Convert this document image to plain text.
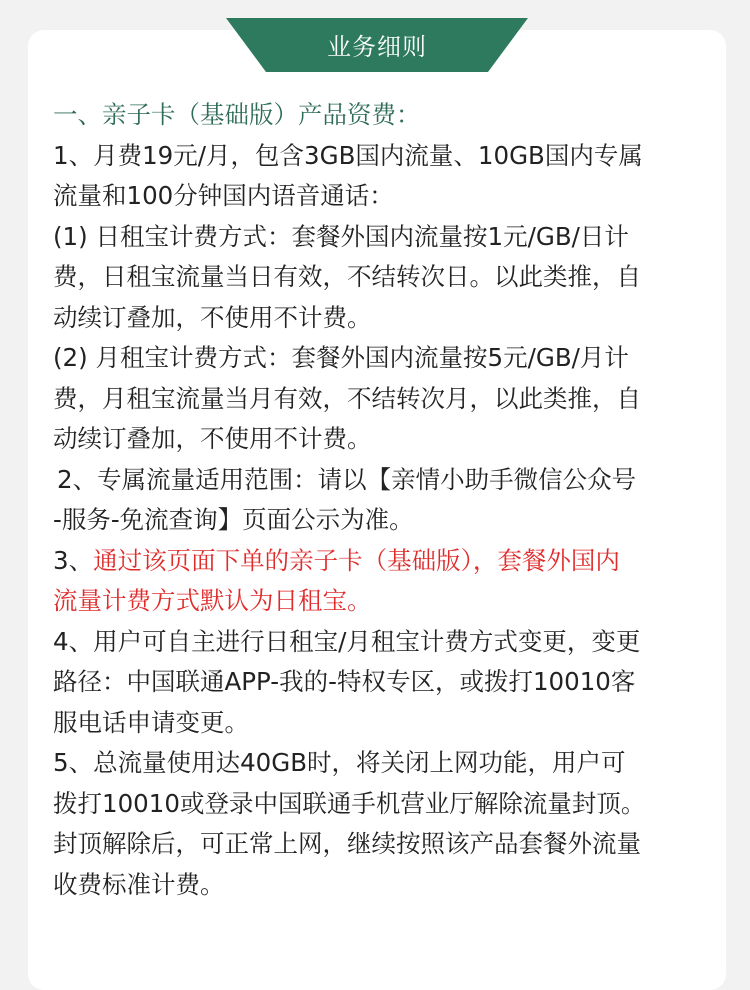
业务细则

一、亲子卡（基础版）产品资费：

1、月费19元/月，包含3GB国内流量、10GB国内专属

流量和100分钟国内语音通话：

(1) 日租宝计费方式：套餐外国内流量按1元/GB/日计

费，日租宝流量当日有效，不结转次日。以此类推，自

动续订叠加，不使用不计费。

(2) 月租宝计费方式：套餐外国内流量按5元/GB/月计

费，月租宝流量当月有效，不结转次月，以此类推，自

动续订叠加，不使用不计费。

2、专属流量适用范围：请以【亲情小助手微信公众号

-服务-免流查询】页面公示为准。

3、通过该页面下单的亲子卡（基础版），套餐外国内

流量计费方式默认为日租宝。

4、用户可自主进行日租宝/月租宝计费方式变更，变更

路径：中国联通APP-我的-特权专区，或拨打10010客

服电话申请变更。

5、总流量使用达40GB时，将关闭上网功能，用户可

拨打10010或登录中国联通手机营业厅解除流量封顶。

封顶解除后，可正常上网，继续按照该产品套餐外流量

收费标准计费。
